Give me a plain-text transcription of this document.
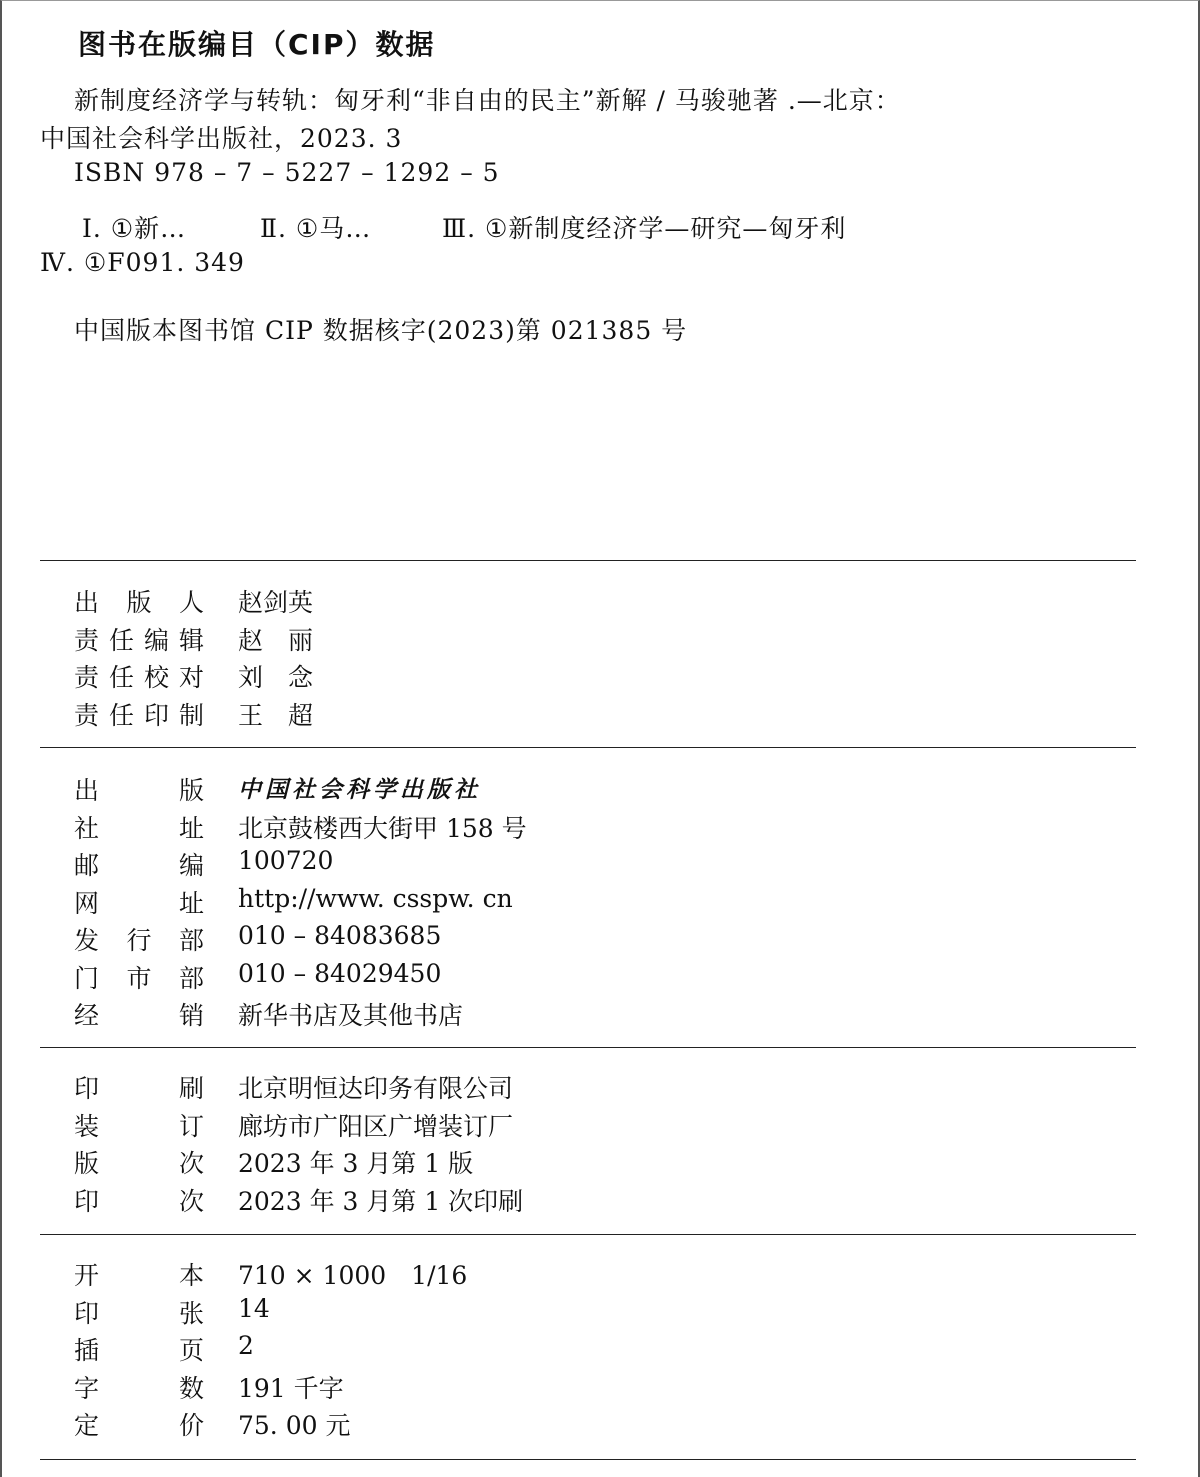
图书在版编目（CIP）数据
新制度经济学与转轨：匈牙利“非自由的民主”新解 / 马骏驰著 .—北京：
中国社会科学出版社，2023. 3
ISBN 978 – 7 – 5227 – 1292 – 5
Ⅰ. ①新…	Ⅱ. ①马…	Ⅲ. ①新制度经济学—研究—匈牙利
Ⅳ. ①F091. 349
中国版本图书馆 CIP 数据核字(2023)第 021385 号
出 版 人 赵剑英
责 任 编 辑 赵　丽
责 任 校 对 刘　念
责 任 印 制 王　超
出	版 中国社会科学出版社
社	址 北京鼓楼西大街甲 158 号
邮	编 100720
网	址 http://www. csspw. cn
发 行 部 010 – 84083685
门 市 部 010 – 84029450
经	销 新华书店及其他书店
印	刷 北京明恒达印务有限公司
装	订 廊坊市广阳区广增装订厂
版	次 2023 年 3 月第 1 版
印	次 2023 年 3 月第 1 次印刷
开	本 710 × 1000　1/16
印	张 14
插	页 2
字	数 191 千字
定	价 75. 00 元
